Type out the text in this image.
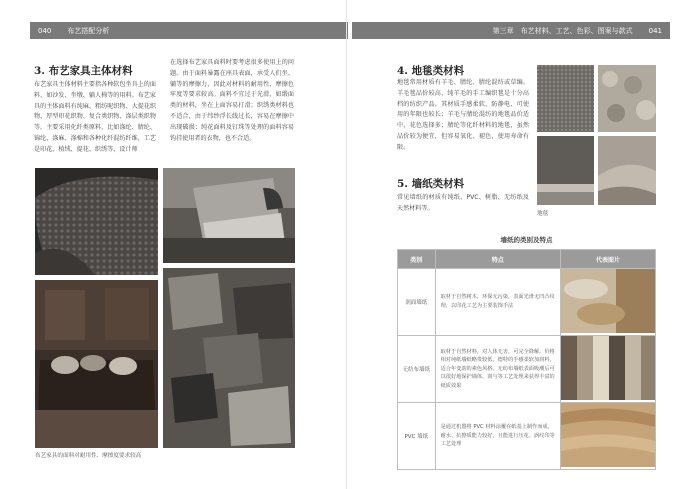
040	布艺搭配分析	第三章　布艺材料、工艺、色彩、图案与款式	041
3. 布艺家具主体材料
布艺家具主体材料主要指各种软包坐具上的面料，如沙发、坐墩、躺人椅等的用料。布艺家具的主体面料有纯麻、粗纺呢织物、大提花织物、厚型印花织物、复合类织物、涤层类织物等。主要采用化纤类原料，比如涤纶、腈纶、锦纶、涤麻、涤棉和各种化纤混纺纤维，工艺是印花、植绒、提花、织绣等，设计师
在选择布艺家具面料时要考虑很多使用上的问题。由于面料暴露在座具表面，承受人们坐、躺等的摩擦力，因此对材料的耐用性、摩擦色牢度等要求较高。面料不宜过于光滑，如缎面类的材料，坐在上面容易打滑；织绣类材料也不适合，由于纬纱浮长线过长，容易在摩擦中出现破损；纯花面料及钉珠等处理的面料容易钩挂使用者的衣物，也不合适。
布艺家具的面料对耐用性、摩擦度要求较高
4. 地毯类材料
地毯常用材质有羊毛、腈纶、腈纶混纺或草编。羊毛毯品价较高，纯羊毛的手工编织毯是十分高档的纺织产品。其材质手感柔软、防静电、可使用的年限也较长；羊毛与腈纶混纺的地毯品价适中，花色选择多；腈纶等化纤材料的地毯，虽然品价较为便宜，但容易氧化、褪色，使用寿命有限。
地毯
5. 墙纸类材料
常见墙纸的材质有纯纸、PVC、树脂、无纺纸及天然材料等。
墙纸的类别及特点
类别	特点	代表图片
润面墙纸	取材于自然树木，环保无污染，表面光滑无凹凸纹理，以印花工艺为主要装饰手法	
无纺布墙纸	取材于自然材料，对人体无害，可完全降解。价格相对纯纸墙纸略贵较低，德特的手感柔软加润料，适合年变韵的素色风格。无纺布墙纸表面吸潮后可以很好地保护墙体，润与等工艺处理来获得丰富的纸质效果	
PVC 墙纸	是通过机器将 PVC 材料涂覆在纸基上制作而成，耐水、抗擦质能力较好，且能进行压花、涡纹印等工艺处理	
